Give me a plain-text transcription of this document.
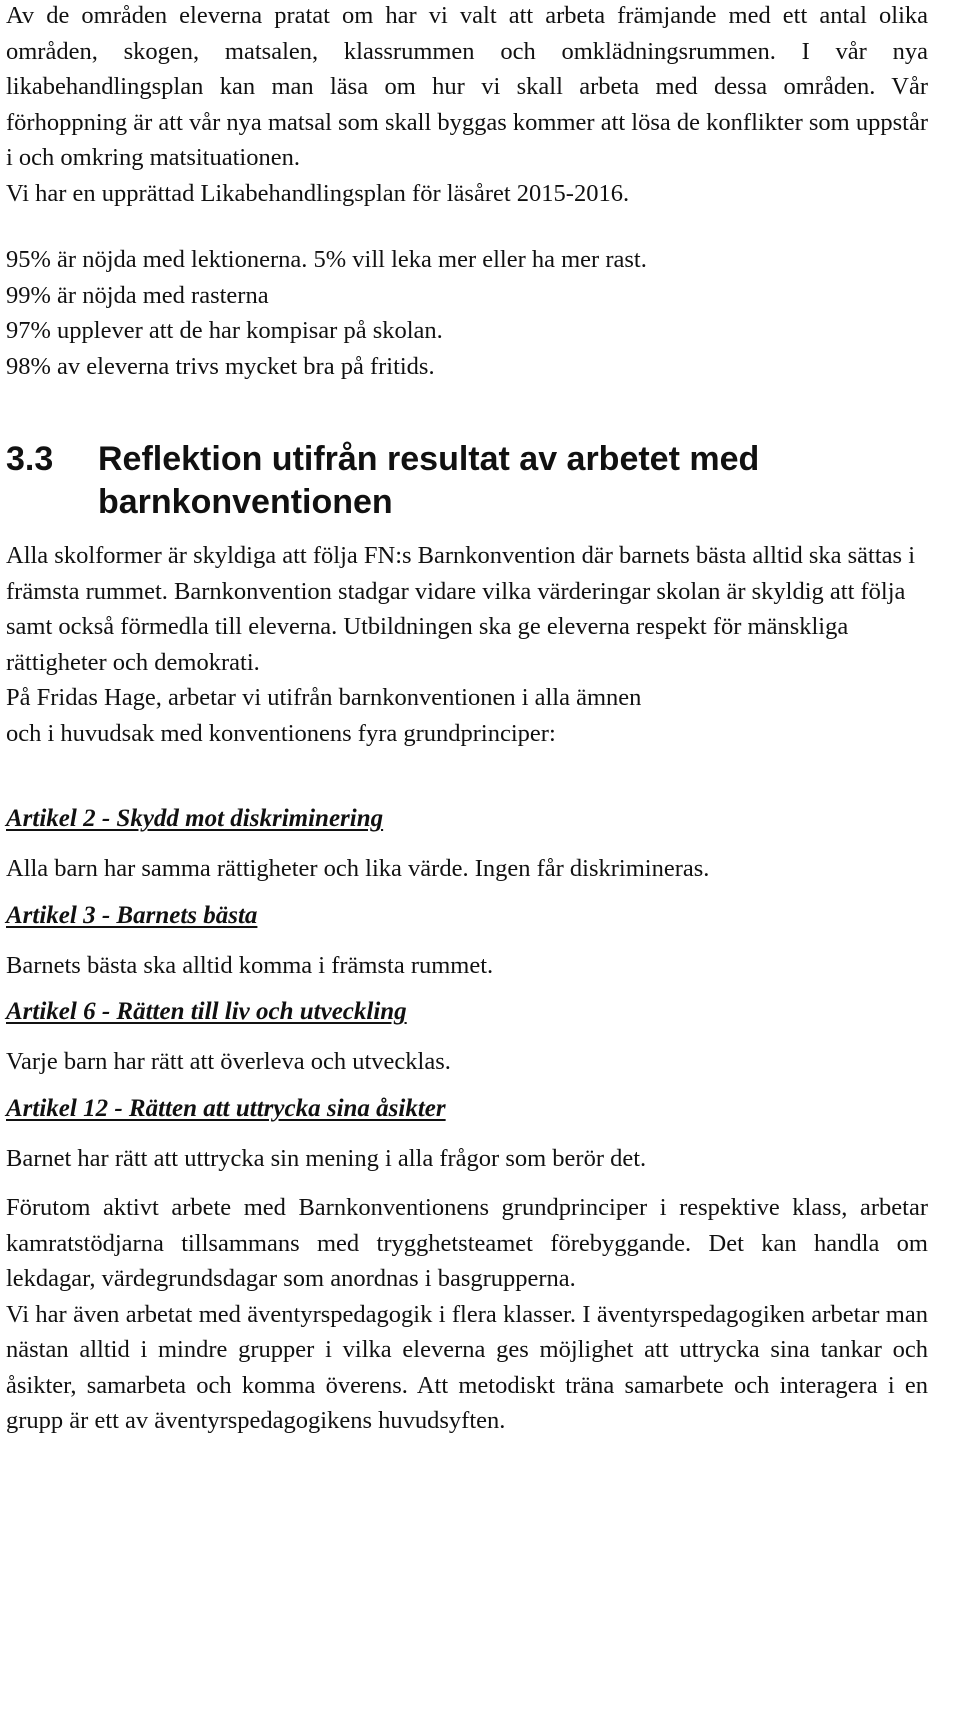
Av de områden eleverna pratat om har vi valt att arbeta främjande med ett antal olika områden, skogen, matsalen, klassrummen och omklädningsrummen. I vår nya likabehandlingsplan kan man läsa om hur vi skall arbeta med dessa områden. Vår förhoppning är att vår nya matsal som skall byggas kommer att lösa de konflikter som uppstår i och omkring matsituationen.

Vi har en upprättad Likabehandlingsplan för läsåret 2015-2016.

95% är nöjda med lektionerna. 5% vill leka mer eller ha mer rast.

99% är nöjda med rasterna

97% upplever att de har kompisar på skolan.

98% av eleverna trivs mycket bra på fritids.

3.3	Reflektion utifrån resultat av arbetet med barnkonventionen

Alla skolformer är skyldiga att följa FN:s Barnkonvention där barnets bästa alltid ska sättas i främsta rummet. Barnkonvention stadgar vidare vilka värderingar skolan är skyldig att följa samt också förmedla till eleverna. Utbildningen ska ge eleverna respekt för mänskliga rättigheter och demokrati.

På Fridas Hage, arbetar vi utifrån barnkonventionen i alla ämnen

och i huvudsak med konventionens fyra grundprinciper:

Artikel 2 - Skydd mot diskriminering

Alla barn har samma rättigheter och lika värde. Ingen får diskrimineras.

Artikel 3 - Barnets bästa

Barnets bästa ska alltid komma i främsta rummet.

Artikel 6 - Rätten till liv och utveckling

Varje barn har rätt att överleva och utvecklas.

Artikel 12 - Rätten att uttrycka sina åsikter

Barnet har rätt att uttrycka sin mening i alla frågor som berör det.

Förutom aktivt arbete med Barnkonventionens grundprinciper i respektive klass, arbetar kamratstödjarna tillsammans med trygghetsteamet förebyggande. Det kan handla om lekdagar, värdegrundsdagar som anordnas i basgrupperna.

Vi har även arbetat med äventyrspedagogik i flera klasser. I äventyrspedagogiken arbetar man nästan alltid i mindre grupper i vilka eleverna ges möjlighet att uttrycka sina tankar och åsikter, samarbeta och komma överens. Att metodiskt träna samarbete och interagera i en grupp är ett av äventyrspedagogikens huvudsyften.
